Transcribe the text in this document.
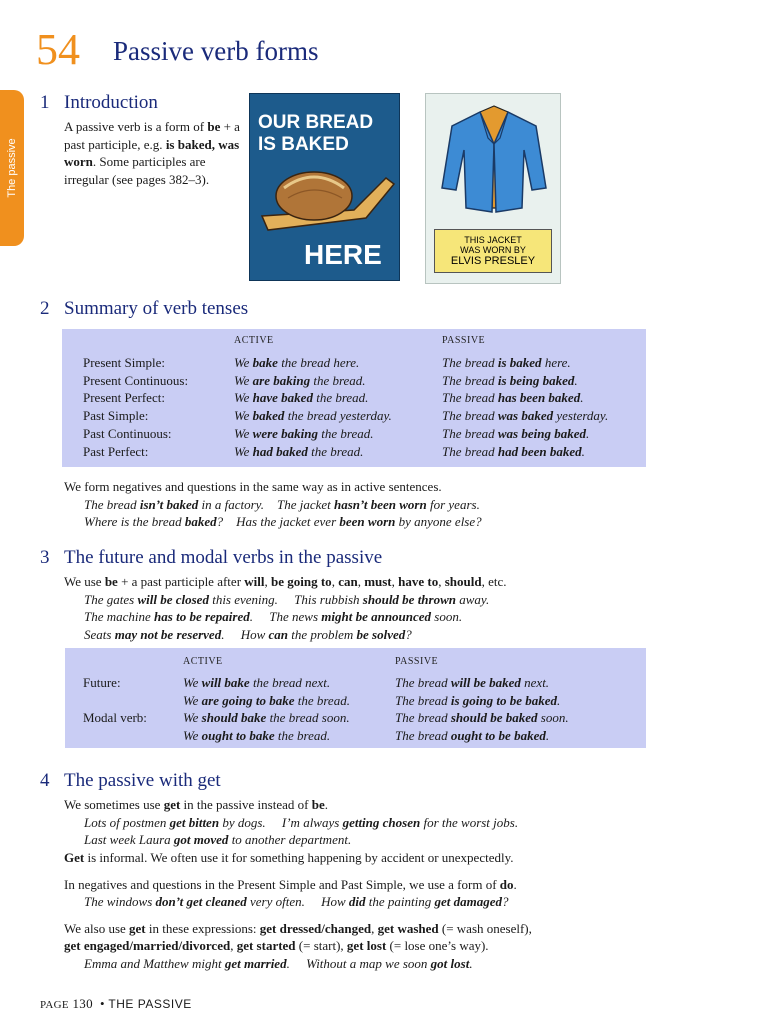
54 Passive verb forms
The passive
1 Introduction
A passive verb is a form of be + a past participle, e.g. is baked, was worn. Some participles are irregular (see pages 382–3).
OUR BREAD
IS BAKED
HERE	THIS JACKET
WAS WORN BY
ELVIS PRESLEY
2 Summary of verb tenses
ACTIVE	PASSIVE
Present Simple:	We bake the bread here.	The bread is baked here.
Present Continuous:	We are baking the bread.	The bread is being baked.
Present Perfect:	We have baked the bread.	The bread has been baked.
Past Simple:	We baked the bread yesterday.	The bread was baked yesterday.
Past Continuous:	We were baking the bread.	The bread was being baked.
Past Perfect:	We had baked the bread.	The bread had been baked.
We form negatives and questions in the same way as in active sentences.
The bread isn’t baked in a factory.    The jacket hasn’t been worn for years.
Where is the bread baked?    Has the jacket ever been worn by anyone else?
3 The future and modal verbs in the passive
We use be + a past participle after will, be going to, can, must, have to, should, etc.
The gates will be closed this evening.     This rubbish should be thrown away.
The machine has to be repaired.     The news might be announced soon.
Seats may not be reserved.     How can the problem be solved?
ACTIVE	PASSIVE
Future:	We will bake the bread next.	The bread will be baked next.
We are going to bake the bread.	The bread is going to be baked.
Modal verb:	We should bake the bread soon.	The bread should be baked soon.
We ought to bake the bread.	The bread ought to be baked.
4 The passive with get
We sometimes use get in the passive instead of be.
Lots of postmen get bitten by dogs.     I’m always getting chosen for the worst jobs.
Last week Laura got moved to another department.
Get is informal. We often use it for something happening by accident or unexpectedly.
In negatives and questions in the Present Simple and Past Simple, we use a form of do.
The windows don’t get cleaned very often.     How did the painting get damaged?
We also use get in these expressions: get dressed/changed, get washed (= wash oneself),
get engaged/married/divorced, get started (= start), get lost (= lose one’s way).
Emma and Matthew might get married.     Without a map we soon got lost.
PAGE 130 • THE PASSIVE
